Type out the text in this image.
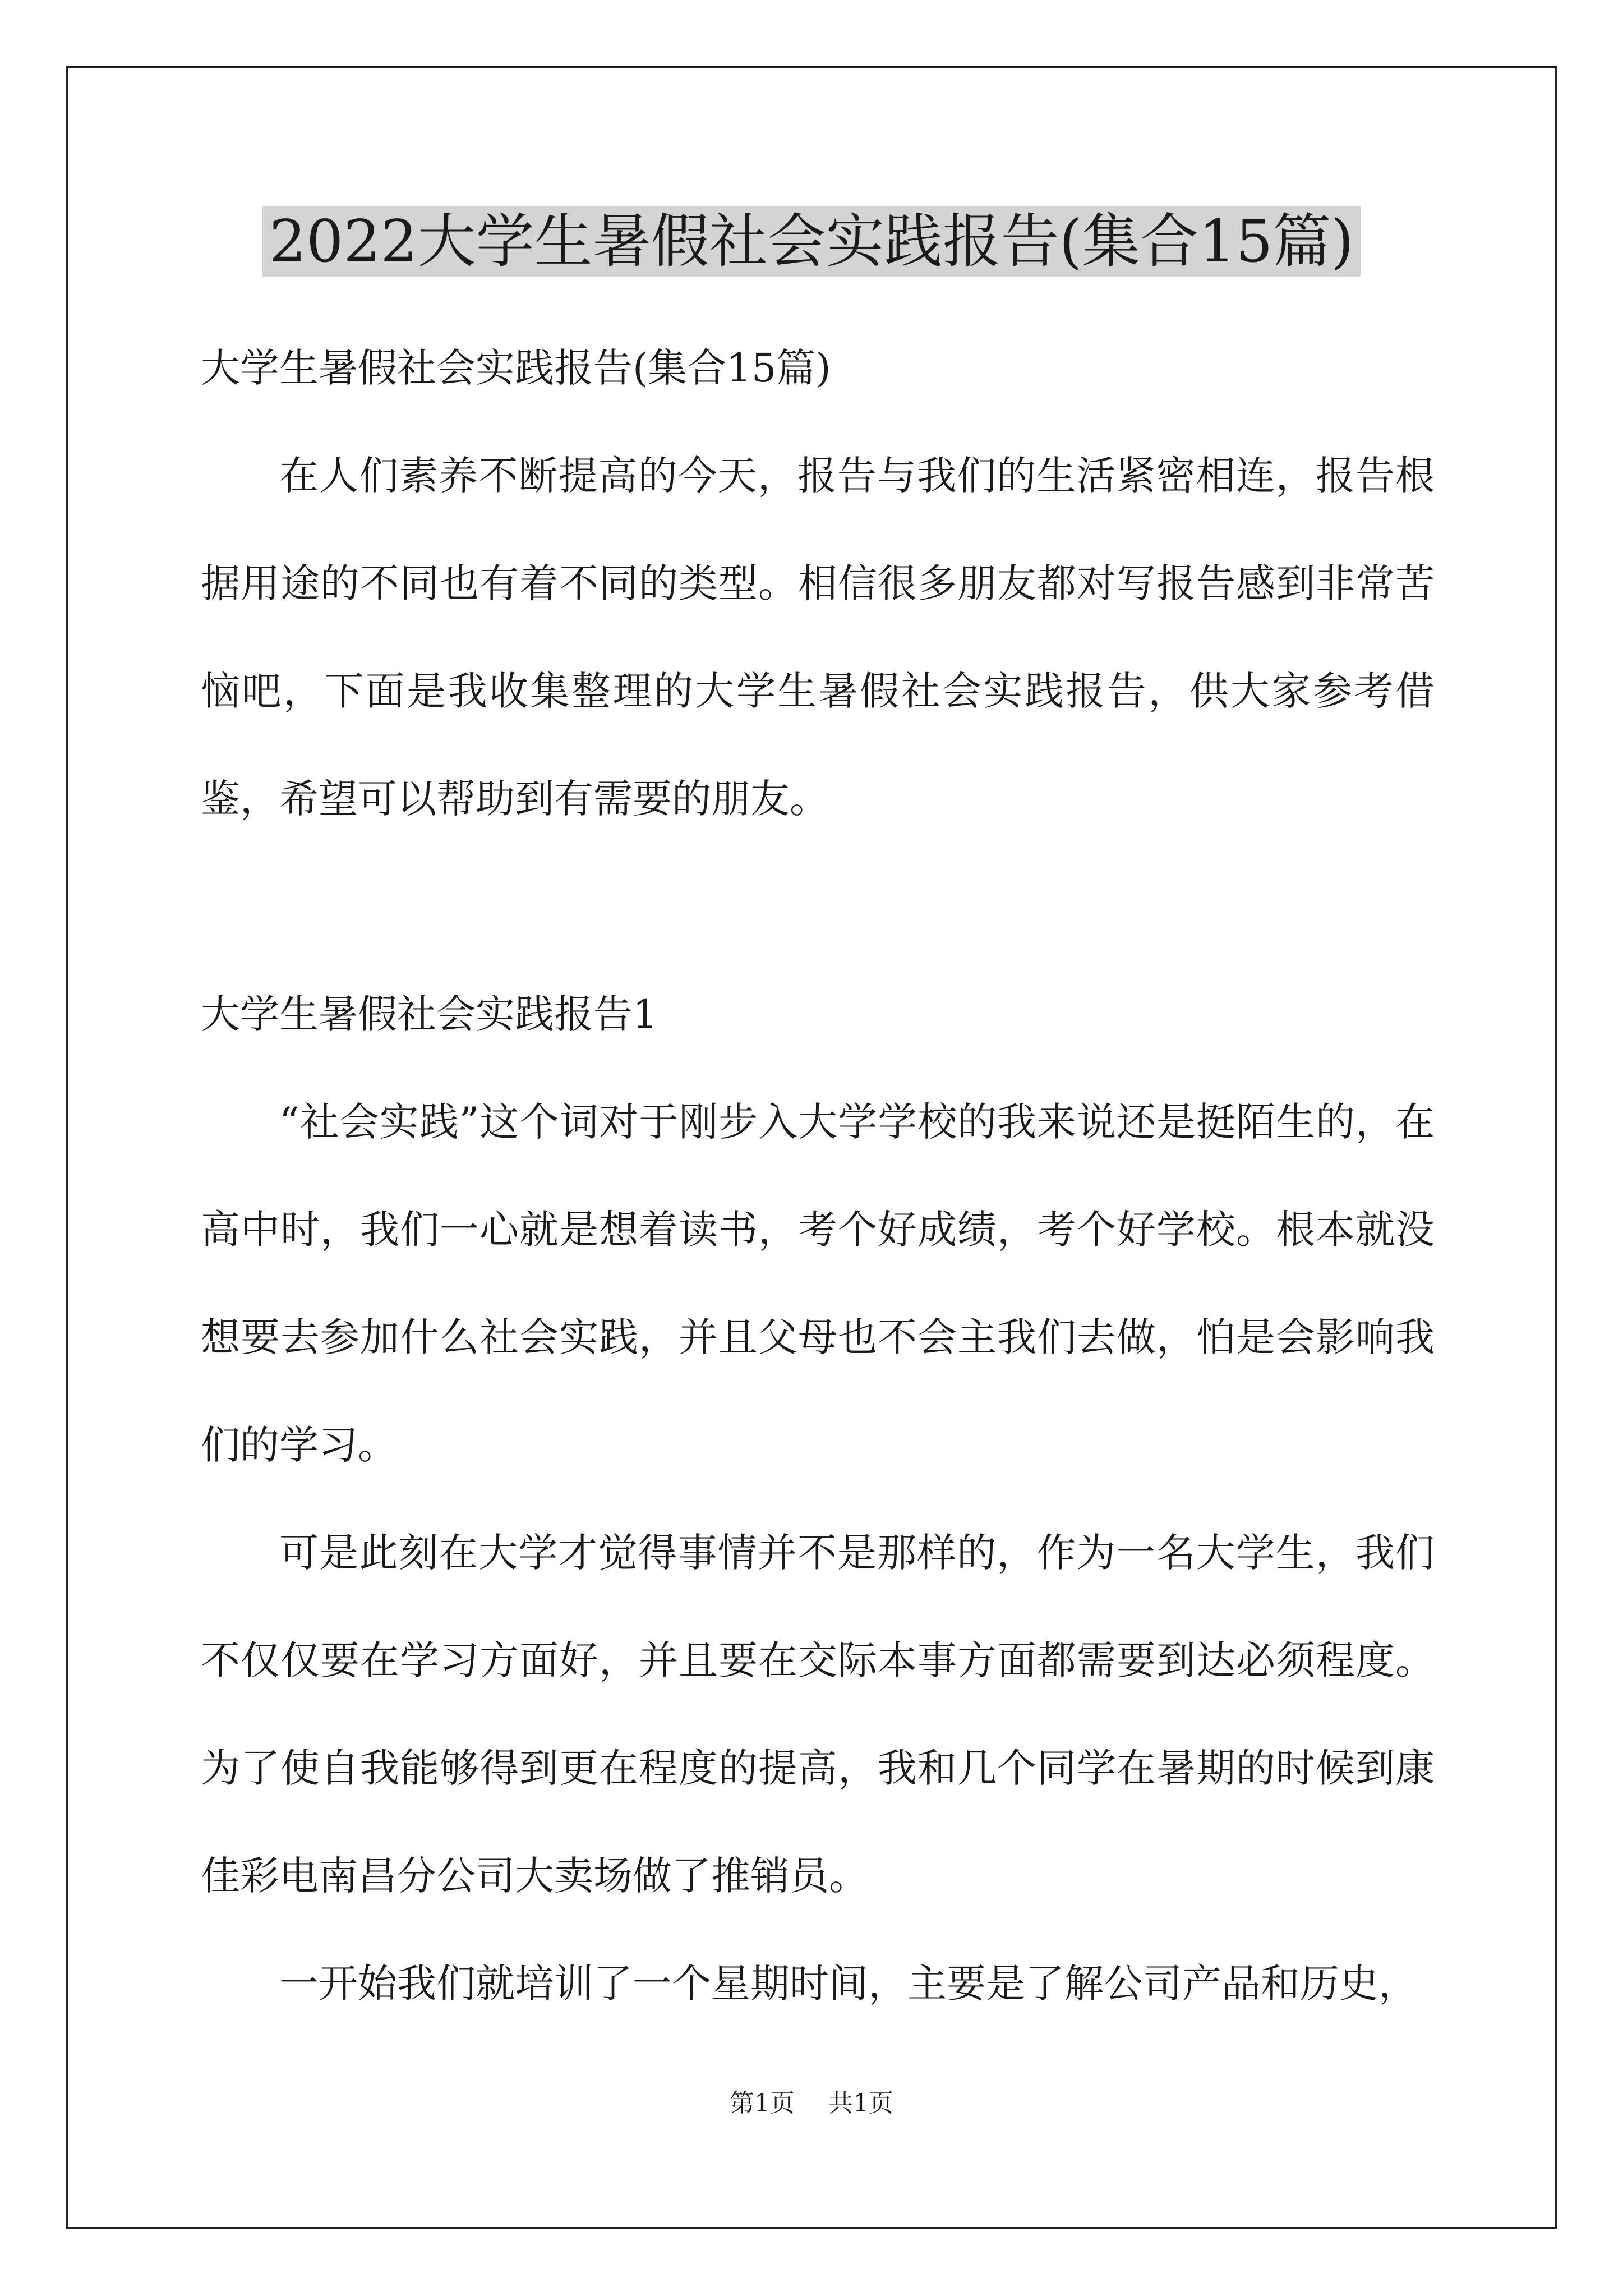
2022大学生暑假社会实践报告(集合15篇)

大学生暑假社会实践报告(集合15篇)

在人们素养不断提高的今天，报告与我们的生活紧密相连，报告根据用途的不同也有着不同的类型。相信很多朋友都对写报告感到非常苦恼吧，下面是我收集整理的大学生暑假社会实践报告，供大家参考借鉴，希望可以帮助到有需要的朋友。

大学生暑假社会实践报告1

“社会实践”这个词对于刚步入大学学校的我来说还是挺陌生的，在高中时，我们一心就是想着读书，考个好成绩，考个好学校。根本就没想要去参加什么社会实践，并且父母也不会主我们去做，怕是会影响我们的学习。

可是此刻在大学才觉得事情并不是那样的，作为一名大学生，我们不仅仅要在学习方面好，并且要在交际本事方面都需要到达必须程度。为了使自我能够得到更在程度的提高，我和几个同学在暑期的时候到康佳彩电南昌分公司大卖场做了推销员。

一开始我们就培训了一个星期时间，主要是了解公司产品和历史，

第1页 共1页
